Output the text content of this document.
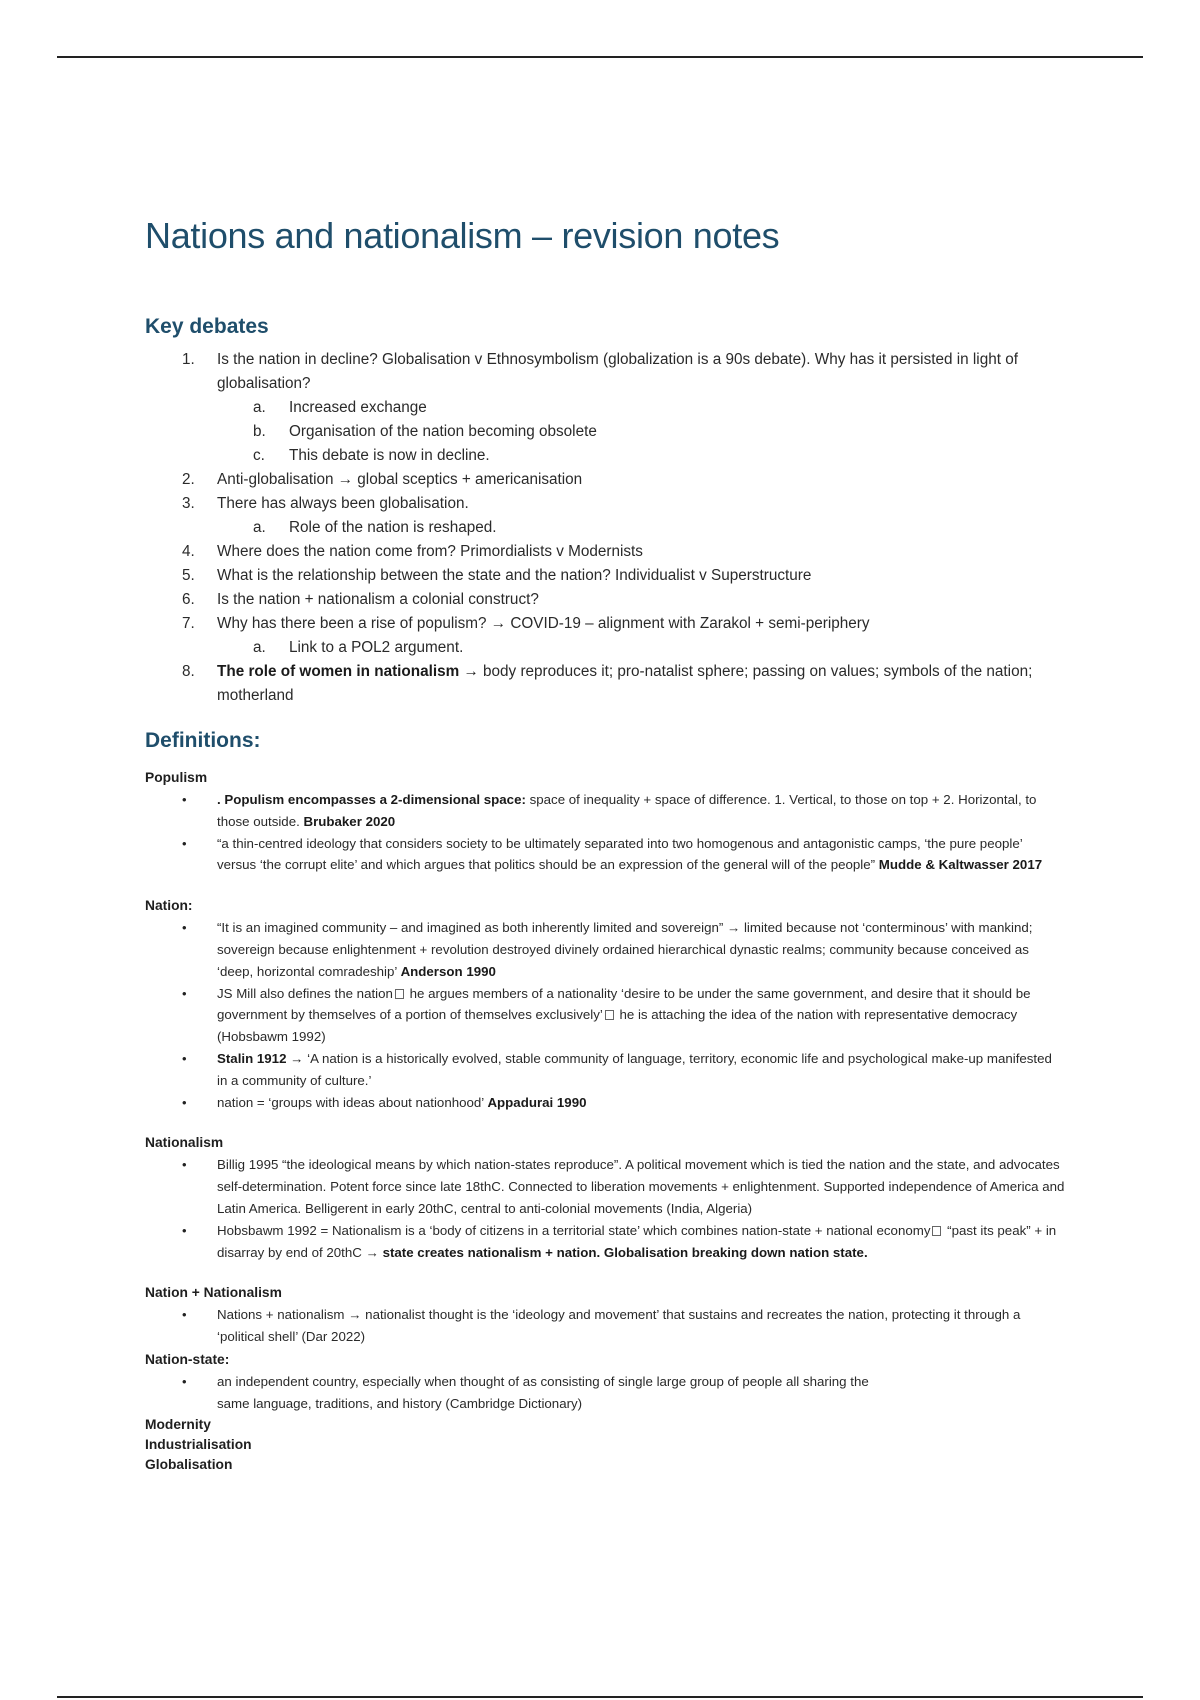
Nations and nationalism – revision notes
Key debates
1. Is the nation in decline? Globalisation v Ethnosymbolism (globalization is a 90s debate). Why has it persisted in light of globalisation?
a. Increased exchange
b. Organisation of the nation becoming obsolete
c. This debate is now in decline.
2. Anti-globalisation → global sceptics + americanisation
3. There has always been globalisation.
a. Role of the nation is reshaped.
4. Where does the nation come from? Primordialists v Modernists
5. What is the relationship between the state and the nation? Individualist v Superstructure
6. Is the nation + nationalism a colonial construct?
7. Why has there been a rise of populism? → COVID-19 – alignment with Zarakol + semi-periphery
a. Link to a POL2 argument.
8. The role of women in nationalism → body reproduces it; pro-natalist sphere; passing on values; symbols of the nation; motherland
Definitions:
Populism
• . Populism encompasses a 2-dimensional space: space of inequality + space of difference. 1. Vertical, to those on top + 2. Horizontal, to those outside. Brubaker 2020
• “a thin-centred ideology that considers society to be ultimately separated into two homogenous and antagonistic camps, ‘the pure people’ versus ‘the corrupt elite’ and which argues that politics should be an expression of the general will of the people” Mudde & Kaltwasser 2017
Nation:
• “It is an imagined community – and imagined as both inherently limited and sovereign” → limited because not ‘conterminous’ with mankind; sovereign because enlightenment + revolution destroyed divinely ordained hierarchical dynastic realms; community because conceived as ‘deep, horizontal comradeship’ Anderson 1990
• JS Mill also defines the nation he argues members of a nationality ‘desire to be under the same government, and desire that it should be government by themselves of a portion of themselves exclusively’ he is attaching the idea of the nation with representative democracy (Hobsbawm 1992)
• Stalin 1912 → ‘A nation is a historically evolved, stable community of language, territory, economic life and psychological make-up manifested in a community of culture.’
• nation = ‘groups with ideas about nationhood’ Appadurai 1990
Nationalism
• Billig 1995 “the ideological means by which nation-states reproduce”. A political movement which is tied the nation and the state, and advocates self-determination. Potent force since late 18thC. Connected to liberation movements + enlightenment. Supported independence of America and Latin America. Belligerent in early 20thC, central to anti-colonial movements (India, Algeria)
• Hobsbawm 1992 = Nationalism is a ‘body of citizens in a territorial state’ which combines nation-state + national economy “past its peak” + in disarray by end of 20thC → state creates nationalism + nation. Globalisation breaking down nation state.
Nation + Nationalism
• Nations + nationalism → nationalist thought is the ‘ideology and movement’ that sustains and recreates the nation, protecting it through a ‘political shell’ (Dar 2022)
Nation-state:
• an independent country, especially when thought of as consisting of single large group of people all sharing the
same language, traditions, and history (Cambridge Dictionary)
Modernity
Industrialisation
Globalisation
